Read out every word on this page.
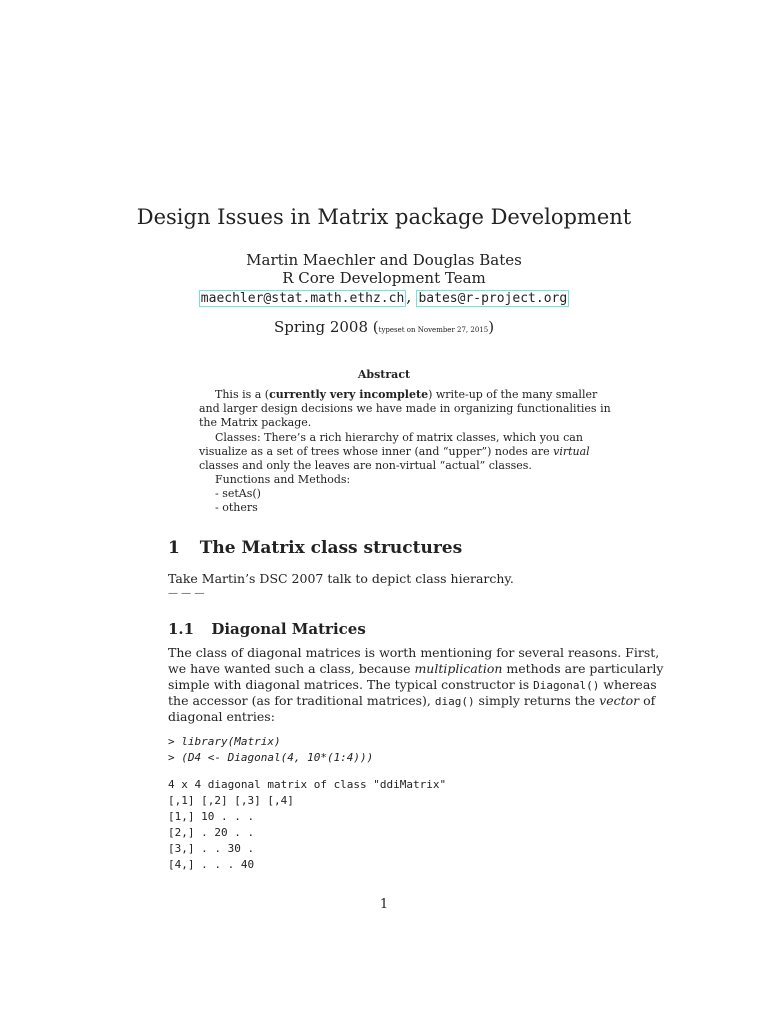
Design Issues in Matrix package Development
Martin Maechler and Douglas Bates
R Core Development Team
maechler@stat.math.ethz.ch , bates@r-project.org
Spring 2008 (typeset on November 27, 2015)
Abstract
This is a (currently very incomplete) write-up of the many smaller
and larger design decisions we have made in organizing functionalities in
the Matrix package.
Classes: There’s a rich hierarchy of matrix classes, which you can
visualize as a set of trees whose inner (and “upper”) nodes are virtual
classes and only the leaves are non-virtual “actual” classes.
Functions and Methods:
- setAs()
- others
1 The Matrix class structures
Take Martin’s DSC 2007 talk to depict class hierarchy.
— — —
1.1 Diagonal Matrices
The class of diagonal matrices is worth mentioning for several reasons. First,
we have wanted such a class, because multiplication methods are particularly
simple with diagonal matrices. The typical constructor is Diagonal() whereas
the accessor (as for traditional matrices), diag() simply returns the vector of
diagonal entries:
> library(Matrix)
> (D4 <- Diagonal(4, 10*(1:4)))
4 x 4 diagonal matrix of class "ddiMatrix"
[,1] [,2] [,3] [,4]
[1,] 10 . . .
[2,] . 20 . .
[3,] . . 30 .
[4,] . . . 40
1
